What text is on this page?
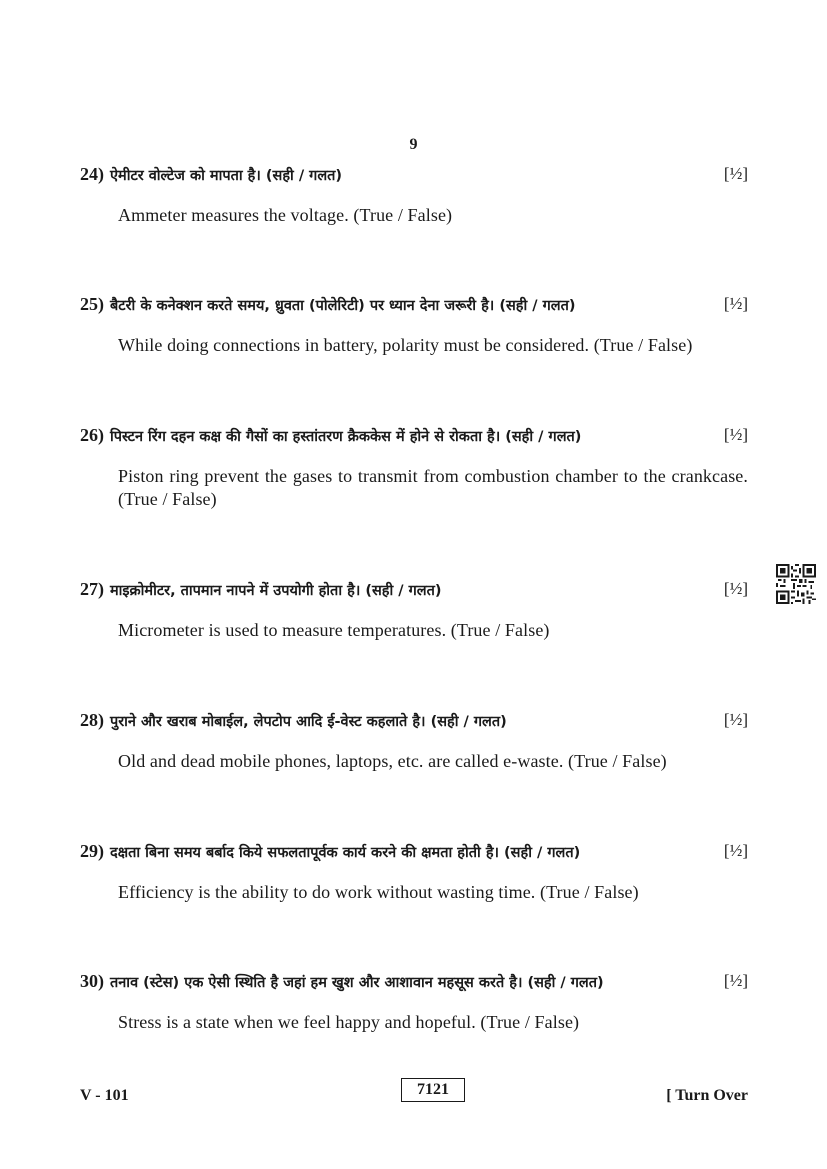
9
24) ऐमीटर वोल्टेज को मापता है। (सही / गलत)	[½]
Ammeter measures the voltage. (True / False)
25) बैटरी के कनेक्शन करते समय, ध्रुवता (पोलेरिटी) पर ध्यान देना जरूरी है। (सही / गलत)	[½]
While doing connections in battery, polarity must be considered. (True / False)
26) पिस्टन रिंग दहन कक्ष की गैसों का हस्तांतरण क्रैककेस में होने से रोकता है। (सही / गलत)	[½]
Piston ring prevent the gases to transmit from combustion chamber to the crankcase. (True / False)
27) माइक्रोमीटर, तापमान नापने में उपयोगी होता है। (सही / गलत)	[½]
Micrometer is used to measure temperatures. (True / False)
28) पुराने और खराब मोबाईल, लेपटोप आदि ई-वेस्ट कहलाते है। (सही / गलत)	[½]
Old and dead mobile phones, laptops, etc. are called e-waste. (True / False)
29) दक्षता बिना समय बर्बाद किये सफलतापूर्वक कार्य करने की क्षमता होती है। (सही / गलत)	[½]
Efficiency is the ability to do work without wasting time. (True / False)
30) तनाव (स्टेस) एक ऐसी स्थिति है जहां हम खुश और आशावान महसूस करते है। (सही / गलत)	[½]
Stress is a state when we feel happy and hopeful. (True / False)
V - 101	7121	[ Turn Over
